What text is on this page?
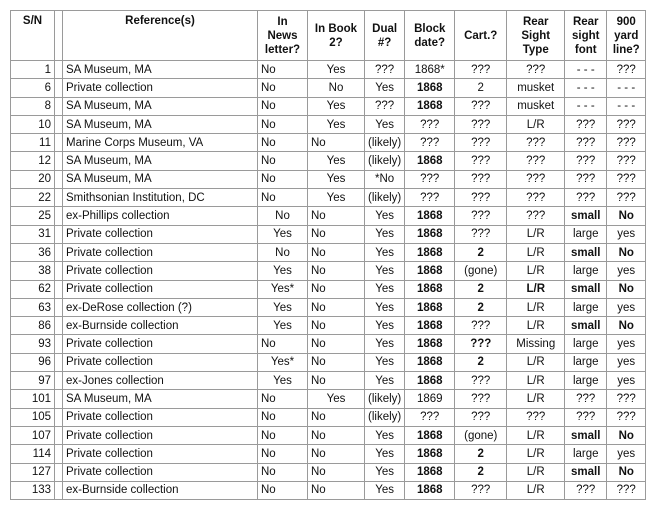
S/N		Reference(s)	In News letter?	In Book 2?	Dual #?	Block date?	Cart.?	Rear Sight Type	Rear sight font	900 yard line?
1		SA Museum, MA	No	Yes	???	1868*	???	???	- - -	???
6		Private collection	No	No	Yes	1868	2	musket	- - -	- - -
8		SA Museum, MA	No	Yes	???	1868	???	musket	- - -	- - -
10		SA Museum, MA	No	Yes	Yes	???	???	L/R	???	???
11		Marine Corps Museum, VA	No	No	(likely)	???	???	???	???	???
12		SA Museum, MA	No	Yes	(likely)	1868	???	???	???	???
20		SA Museum, MA	No	Yes	*No	???	???	???	???	???
22		Smithsonian Institution, DC	No	Yes	(likely)	???	???	???	???	???
25		ex-Phillips collection	No	No	Yes	1868	???	???	small	No
31		Private collection	Yes	No	Yes	1868	???	L/R	large	yes
36		Private collection	No	No	Yes	1868	2	L/R	small	No
38		Private collection	Yes	No	Yes	1868	(gone)	L/R	large	yes
62		Private collection	Yes*	No	Yes	1868	2	L/R	small	No
63		ex-DeRose collection (?)	Yes	No	Yes	1868	2	L/R	large	yes
86		ex-Burnside collection	Yes	No	Yes	1868	???	L/R	small	No
93		Private collection	No	No	Yes	1868	???	Missing	large	yes
96		Private collection	Yes*	No	Yes	1868	2	L/R	large	yes
97		ex-Jones collection	Yes	No	Yes	1868	???	L/R	large	yes
101		SA Museum, MA	No	Yes	(likely)	1869	???	L/R	???	???
105		Private collection	No	No	(likely)	???	???	???	???	???
107		Private collection	No	No	Yes	1868	(gone)	L/R	small	No
114		Private collection	No	No	Yes	1868	2	L/R	large	yes
127		Private collection	No	No	Yes	1868	2	L/R	small	No
133		ex-Burnside collection	No	No	Yes	1868	???	L/R	???	???
